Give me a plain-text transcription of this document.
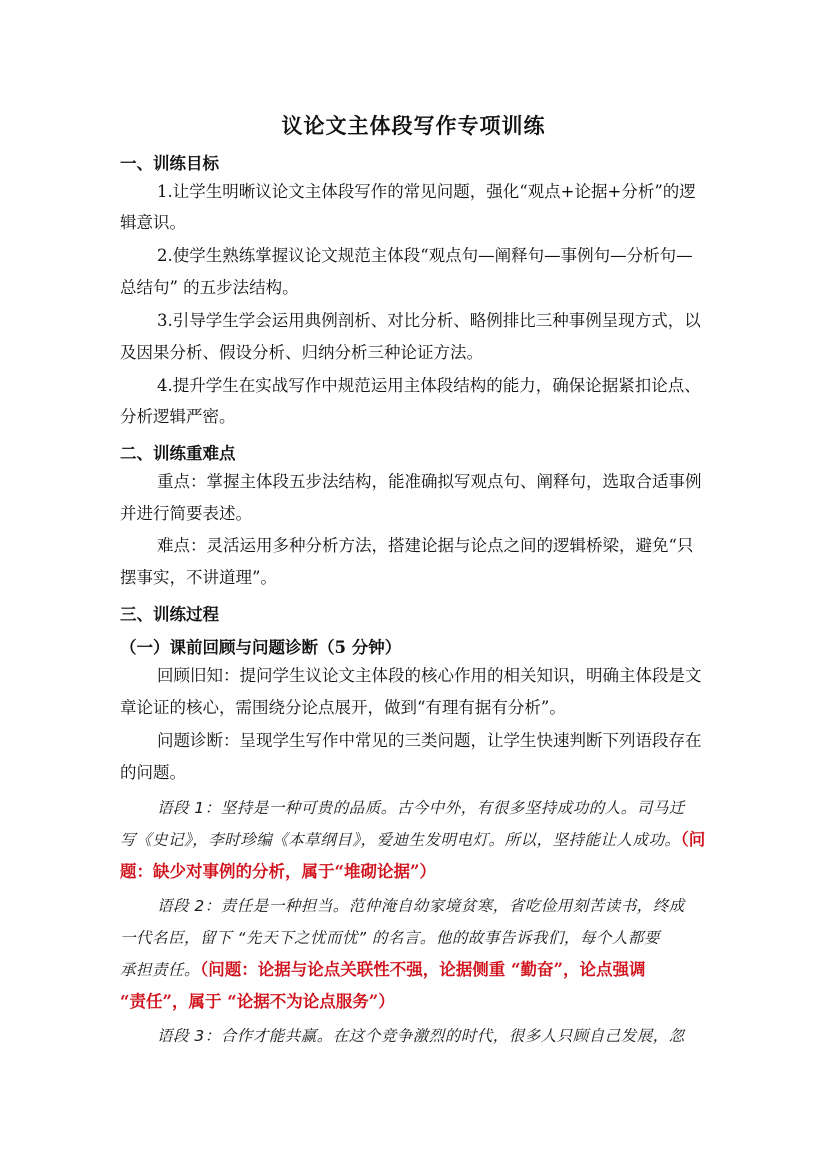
议论文主体段写作专项训练
一、训练目标
1.让学生明晰议论文主体段写作的常见问题，强化“观点+论据+分析”的逻
辑意识。
2.使学生熟练掌握议论文规范主体段“观点句—阐释句—事例句—分析句—
总结句” 的五步法结构。
3.引导学生学会运用典例剖析、对比分析、略例排比三种事例呈现方式，以
及因果分析、假设分析、归纳分析三种论证方法。
4.提升学生在实战写作中规范运用主体段结构的能力，确保论据紧扣论点、
分析逻辑严密。
二、训练重难点
重点：掌握主体段五步法结构，能准确拟写观点句、阐释句，选取合适事例
并进行简要表述。
难点：灵活运用多种分析方法，搭建论据与论点之间的逻辑桥梁，避免“只
摆事实，不讲道理”。
三、训练过程
（一）课前回顾与问题诊断（5 分钟）
回顾旧知：提问学生议论文主体段的核心作用的相关知识，明确主体段是文
章论证的核心，需围绕分论点展开，做到“有理有据有分析”。
问题诊断：呈现学生写作中常见的三类问题，让学生快速判断下列语段存在
的问题。
语段 1：坚持是一种可贵的品质。古今中外，有很多坚持成功的人。司马迁
写《史记》，李时珍编《本草纲目》，爱迪生发明电灯。所以，坚持能让人成功。（问
题：缺少对事例的分析，属于“堆砌论据”）
语段 2：责任是一种担当。范仲淹自幼家境贫寒，省吃俭用刻苦读书，终成
一代名臣，留下 “先天下之忧而忧” 的名言。他的故事告诉我们，每个人都要
承担责任。（问题：论据与论点关联性不强，论据侧重 “勤奋”，论点强调
“责任”，属于 “论据不为论点服务”）
语段 3：合作才能共赢。在这个竞争激烈的时代，很多人只顾自己发展，忽
